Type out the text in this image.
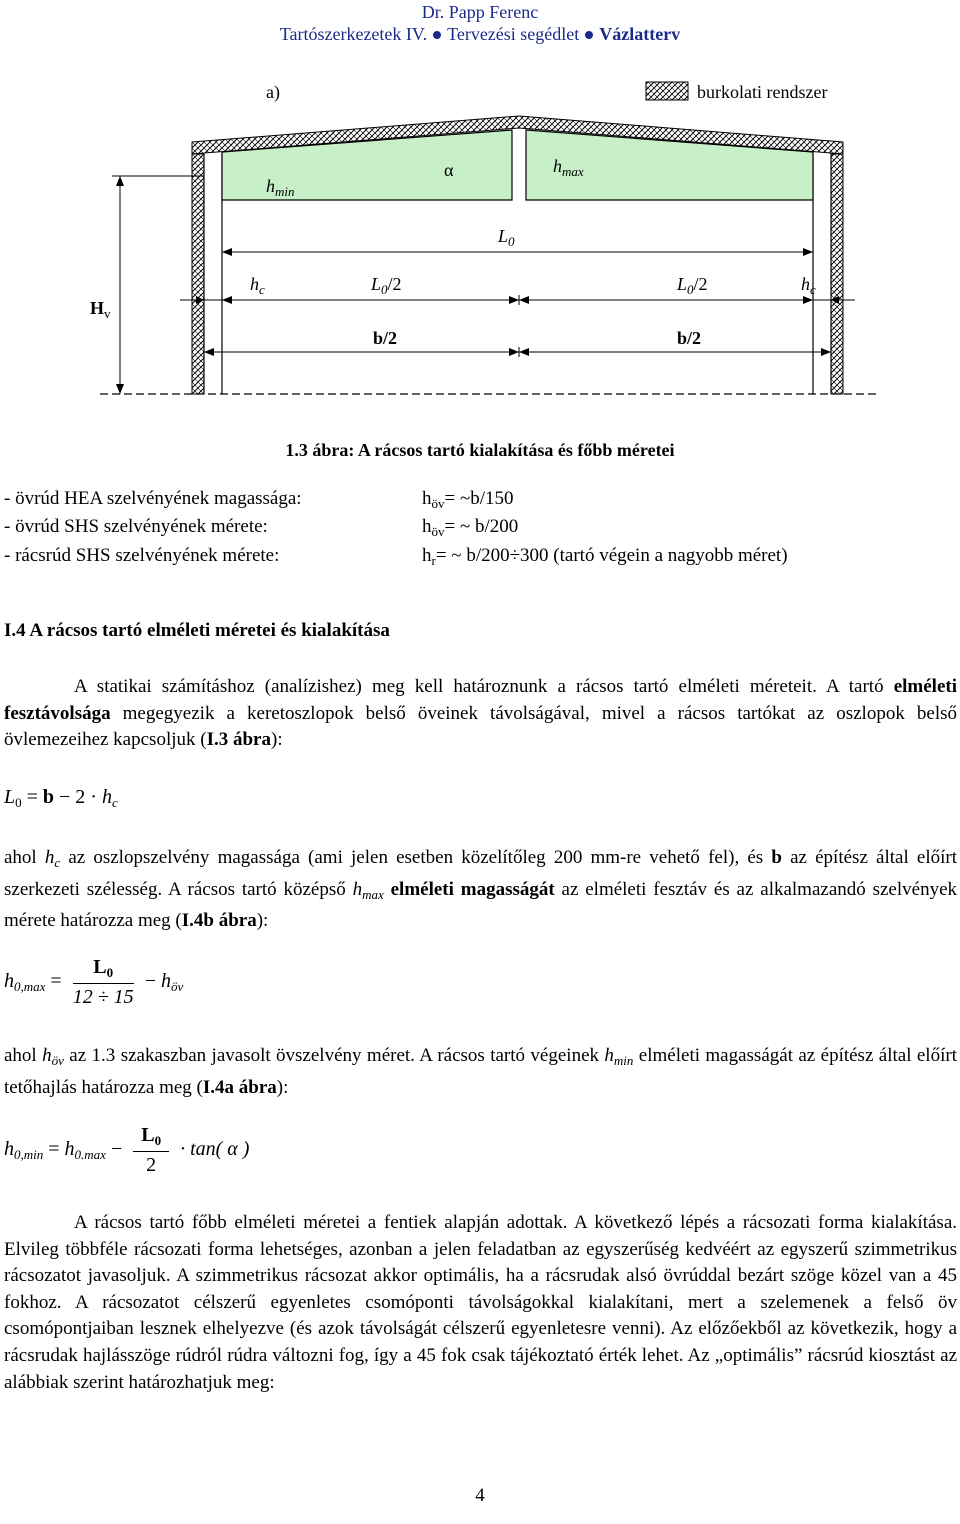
Dr. Papp Ferenc
Tartószerkezetek IV. Tervezési segédlet Vázlatterv
a)	burkolati rendszer
$h_{min}$
α	$h_{max}$
$L_0$
$h_c$	$L_0/2$	$L_0/2$	$h_c$
b/2	b/2
$H_v$
1.3 ábra: A rácsos tartó kialakítása és főbb méretei
- övrúd HEA szelvényének magassága:	$h_{öv}=$ ~b/150
- övrúd SHS szelvényének mérete:	$h_{öv}=$ ~ b/200
- rácsrúd SHS szelvényének mérete:	$h_r=$ ~ b/200÷300 (tartó végein a nagyobb méret)
I.4 A rácsos tartó elméleti méretei és kialakítása
A statikai számításhoz (analízishez) meg kell határoznunk a rácsos tartó elméleti méreteit. A tartó elméleti fesztávolsága megegyezik a keretoszlopok belső öveinek távolságával, mivel a rácsos tartókat az oszlopok belső övlemezeihez kapcsoljuk (I.3 ábra):
$L_0 = b - 2 \cdot h_c$
ahol $h_c$ az oszlopszelvény magassága (ami jelen esetben közelítőleg 200 mm-re vehető fel), és b az építész által előírt szerkezeti szélesség. A rácsos tartó középső $h_{max}$ elméleti magasságát az elméleti fesztáv és az alkalmazandó szelvények mérete határozza meg (I.4b ábra):
$h_{0,max} = \frac{L_0}{12 \div 15} - h_{öv}$
ahol $h_{öv}$ az 1.3 szakaszban javasolt övszelvény méret. A rácsos tartó végeinek $h_{min}$ elméleti magasságát az építész által előírt tetőhajlás határozza meg (I.4a ábra):
$h_{0,min} = h_{0.max} - \frac{L_0}{2} \cdot \tan$( α )
A rácsos tartó főbb elméleti méretei a fentiek alapján adottak. A következő lépés a rácsozati forma kialakítása. Elvileg többféle rácsozati forma lehetséges, azonban a jelen feladatban az egyszerűség kedvéért az egyszerű szimmetrikus rácsozatot javasoljuk. A szimmetrikus rácsozat akkor optimális, ha a rácsrudak alsó övrúddal bezárt szöge közel van a 45 fokhoz. A rácsozatot célszerű egyenletes csomóponti távolságokkal kialakítani, mert a szelemenek a felső öv csomópontjaiban lesznek elhelyezve (és azok távolságát célszerű egyenletesre venni). Az előzőekből az következik, hogy a rácsrudak hajlásszöge rúdról rúdra változni fog, így a 45 fok csak tájékoztató érték lehet. Az „optimális” rácsrúd kiosztást az alábbiak szerint határozhatjuk meg:
4
